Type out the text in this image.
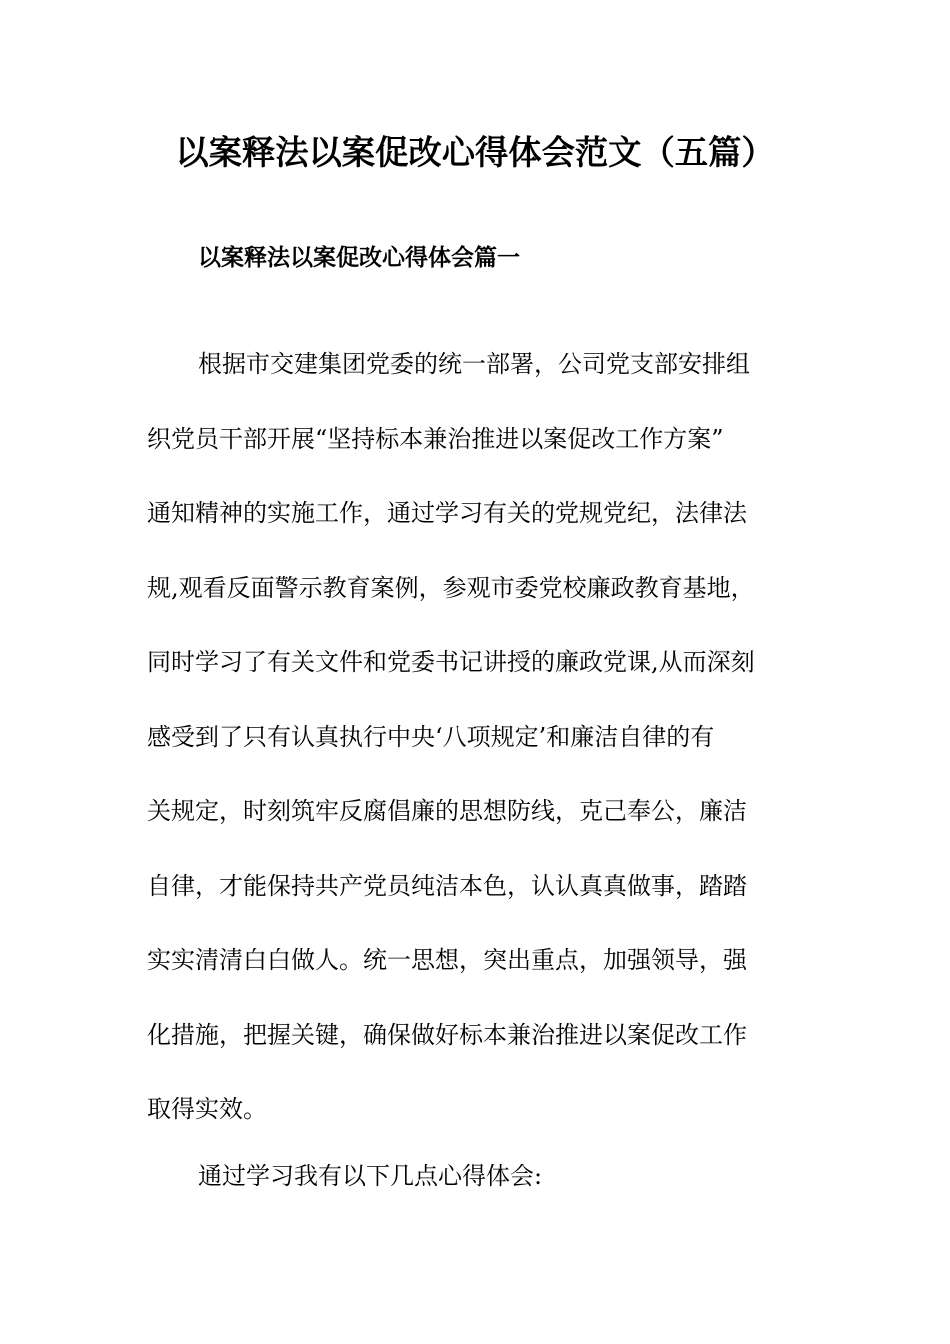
以案释法以案促改心得体会范文（五篇）
以案释法以案促改心得体会篇一
根据市交建集团党委的统一部署，公司党支部安排组
织党员干部开展“坚持标本兼治推进以案促改工作方案”
通知精神的实施工作，通过学习有关的党规党纪，法律法
规,观看反面警示教育案例，参观市委党校廉政教育基地，
同时学习了有关文件和党委书记讲授的廉政党课,从而深刻
感受到了只有认真执行中央‘八项规定’和廉洁自律的有
关规定，时刻筑牢反腐倡廉的思想防线，克己奉公，廉洁
自律，才能保持共产党员纯洁本色，认认真真做事，踏踏
实实清清白白做人。统一思想，突出重点，加强领导，强
化措施，把握关键，确保做好标本兼治推进以案促改工作
取得实效。
通过学习我有以下几点心得体会:
